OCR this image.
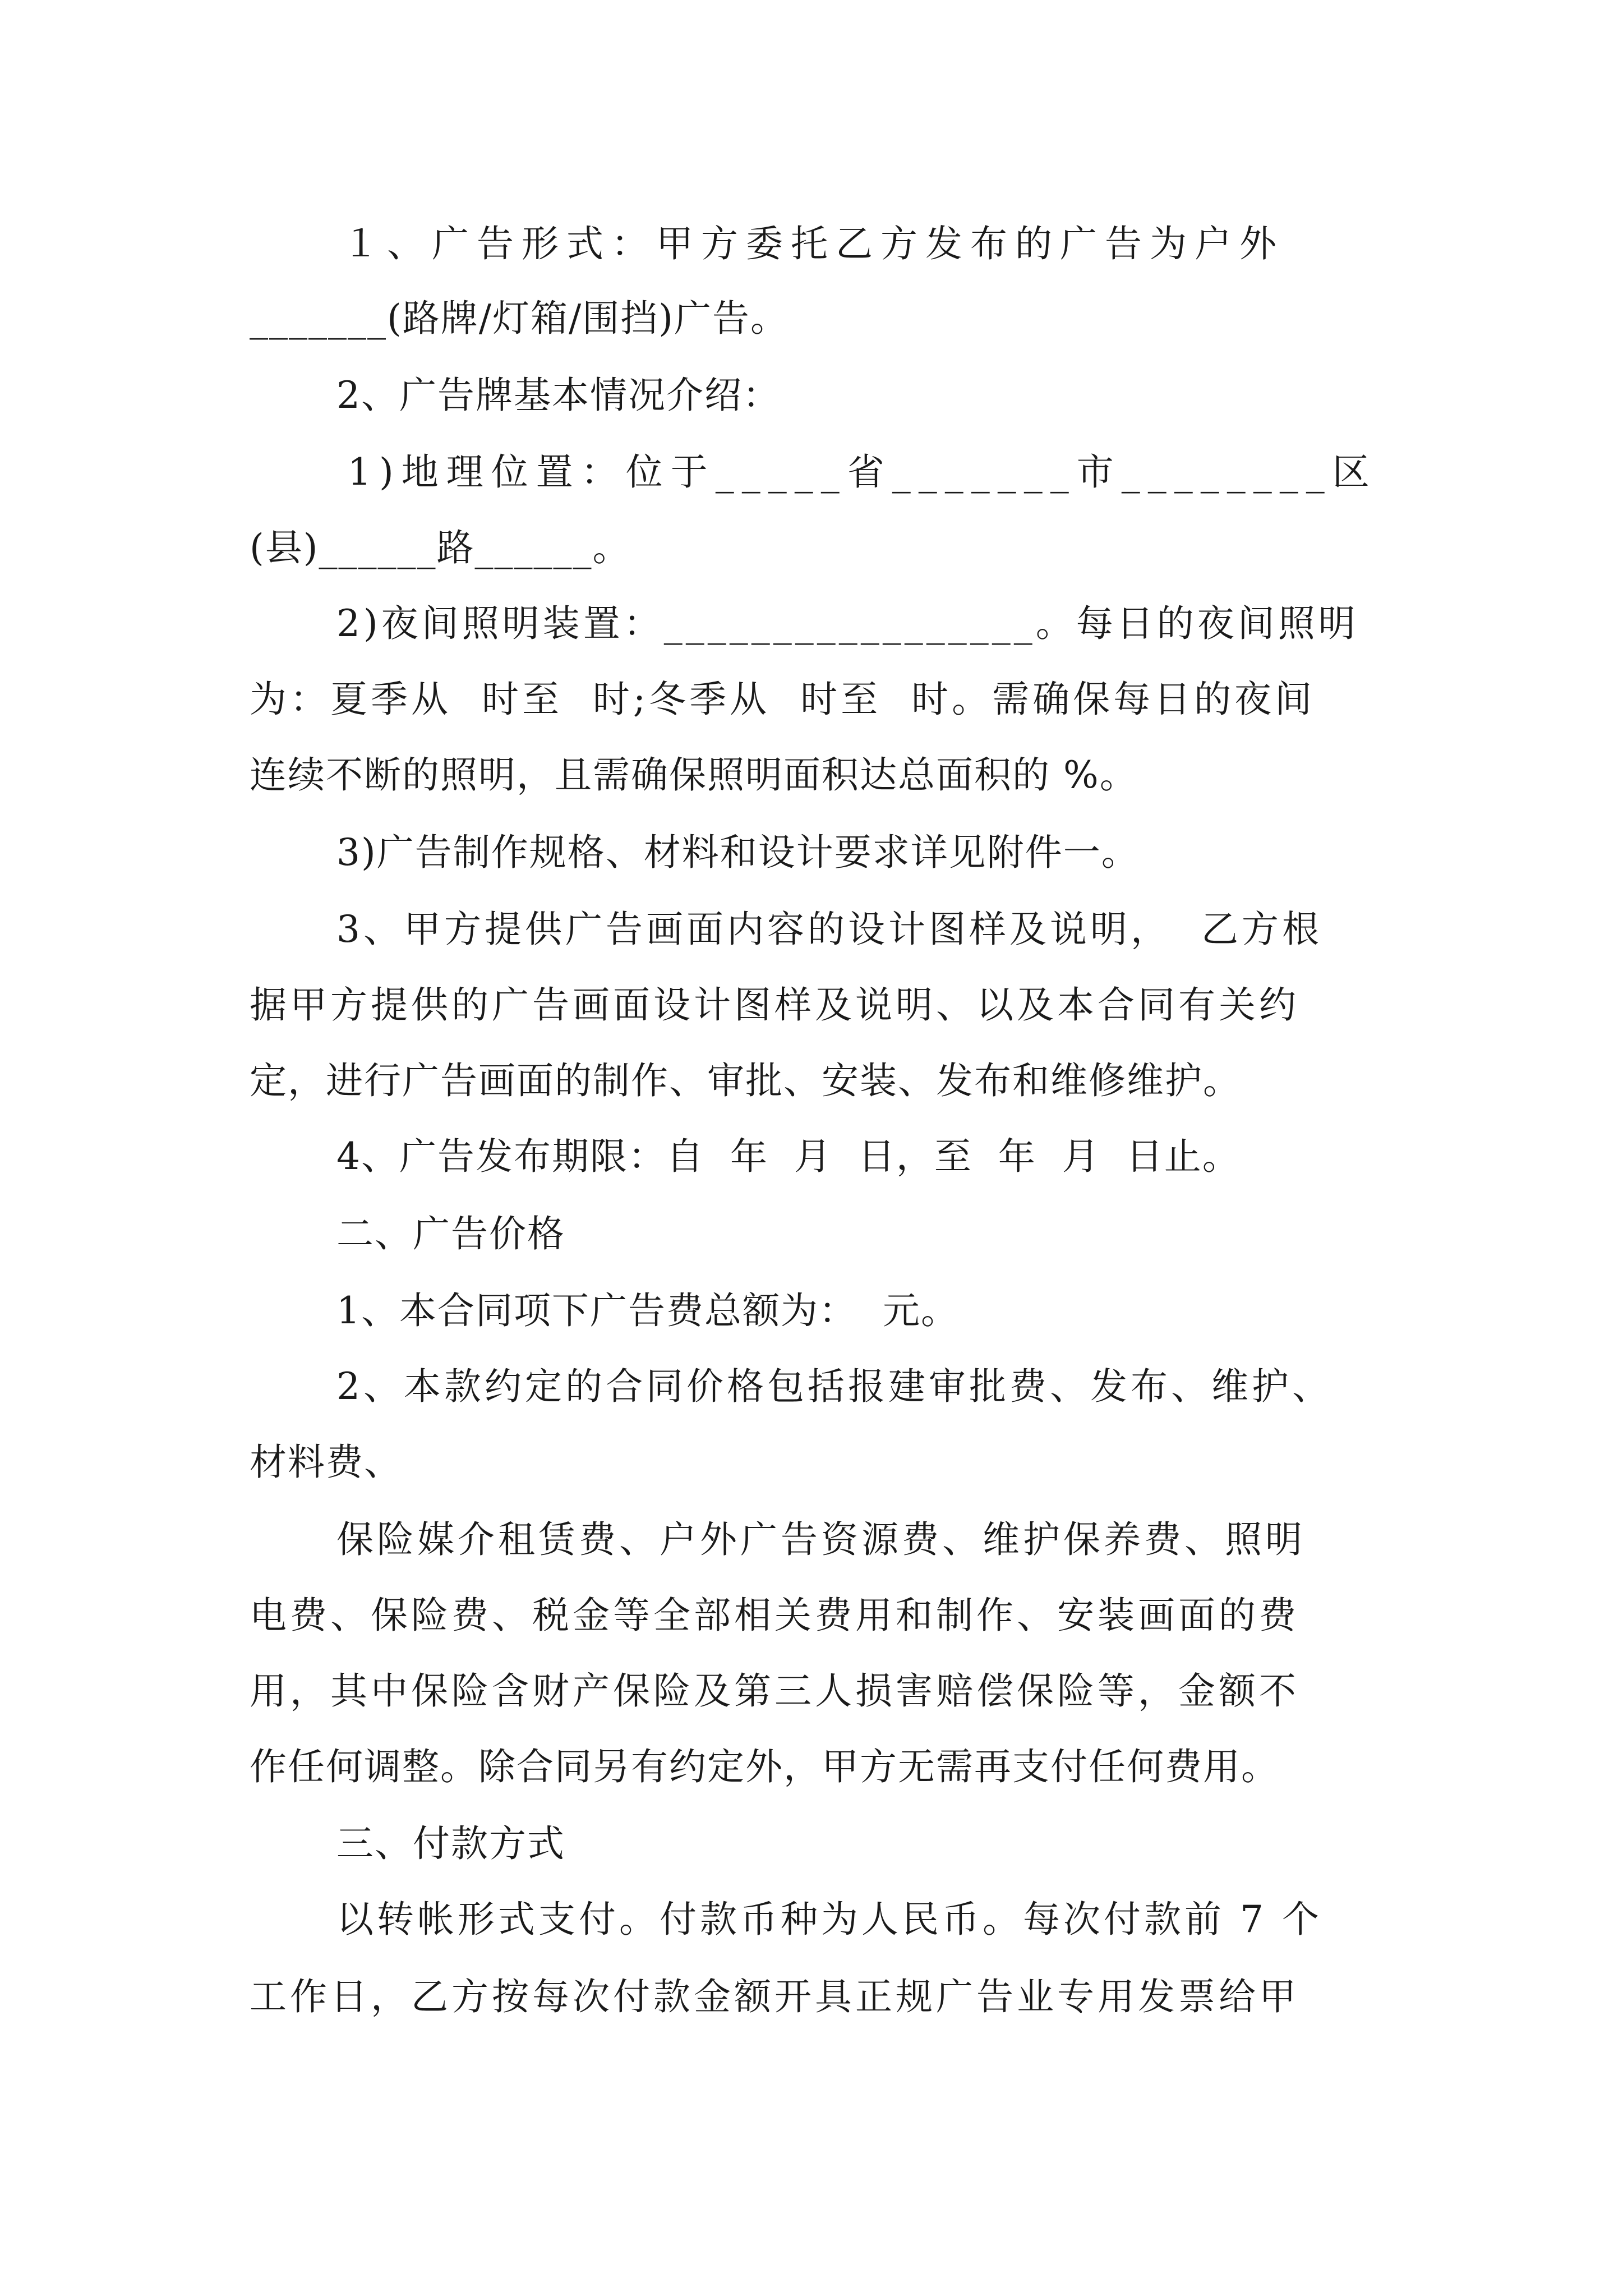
１、广告形式：甲方委托乙方发布的广告为户外
_______(路牌/灯箱/围挡)广告。
2、广告牌基本情况介绍：
1)地理位置：位于_____省_______市________区
(县)______路______。
2)夜间照明装置：_________________。每日的夜间照明
为：夏季从  时至  时;冬季从  时至  时。需确保每日的夜间
连续不断的照明，且需确保照明面积达总面积的 %。
3)广告制作规格、材料和设计要求详见附件一。
3、甲方提供广告画面内容的设计图样及说明，  乙方根
据甲方提供的广告画面设计图样及说明、以及本合同有关约
定，进行广告画面的制作、审批、安装、发布和维修维护。
4、广告发布期限：自  年  月  日，至  年  月  日止。
二、广告价格
1、本合同项下广告费总额为：  元。
2、本款约定的合同价格包括报建审批费、发布、维护、
材料费、
保险媒介租赁费、户外广告资源费、维护保养费、照明
电费、保险费、税金等全部相关费用和制作、安装画面的费
用，其中保险含财产保险及第三人损害赔偿保险等，金额不
作任何调整。除合同另有约定外，甲方无需再支付任何费用。
三、付款方式
以转帐形式支付。付款币种为人民币。每次付款前 7 个
工作日，乙方按每次付款金额开具正规广告业专用发票给甲
